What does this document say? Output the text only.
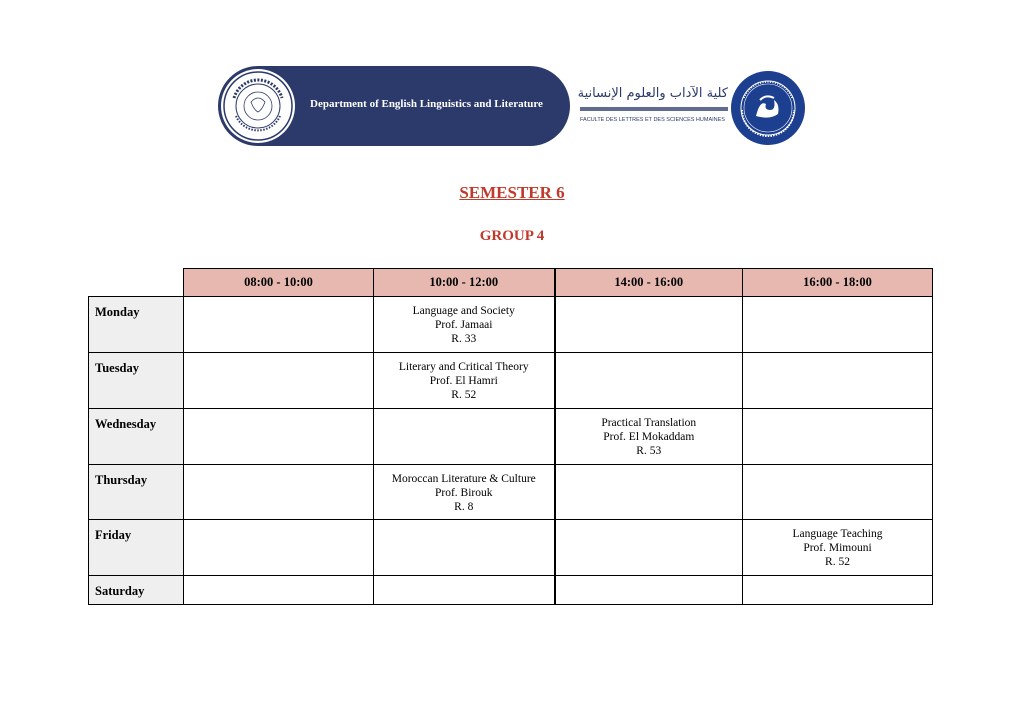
Department of English Linguistics and Literature
كلية الآداب والعلوم الإنسانية
FACULTE DES LETTRES ET DES SCIENCES HUMAINES
SEMESTER 6
GROUP 4
	08:00 - 10:00	10:00 - 12:00	14:00 - 16:00	16:00 - 18:00
Monday		Language and Society
Prof. Jamaai
R. 33		

Tuesday		Literary and Critical Theory
Prof. El Hamri
R. 52		

Wednesday			Practical Translation
Prof. El Mokaddam
R. 53	

Thursday		Moroccan Literature & Culture
Prof. Birouk
R. 8		

Friday				Language Teaching
Prof. Mimouni
R. 52

Saturday				
